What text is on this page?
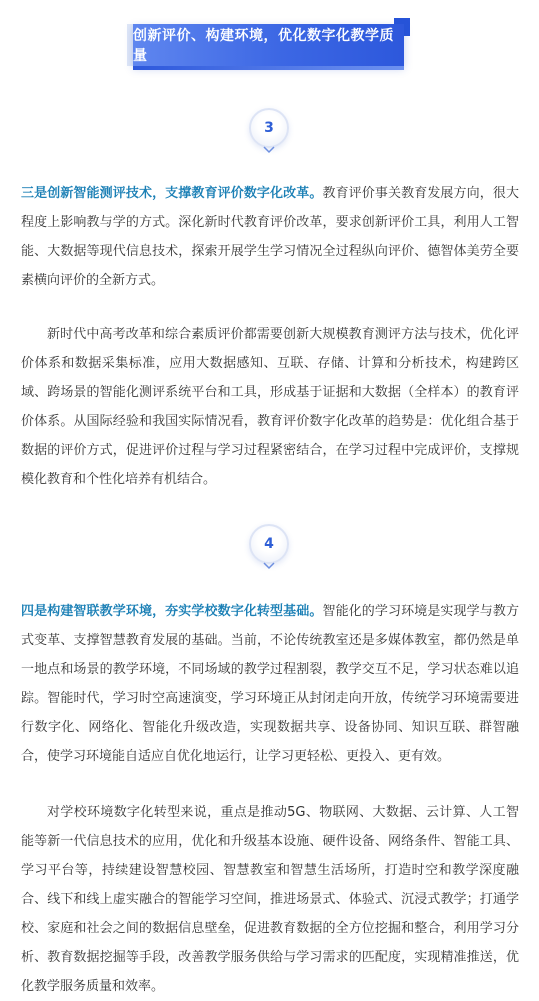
创新评价、构建环境，优化数字化教学质量
3

三是创新智能测评技术，支撑教育评价数字化改革。教育评价事关教育发展方向，很大程度上影响教与学的方式。深化新时代教育评价改革，要求创新评价工具，利用人工智能、大数据等现代信息技术，探索开展学生学习情况全过程纵向评价、德智体美劳全要素横向评价的全新方式。

新时代中高考改革和综合素质评价都需要创新大规模教育测评方法与技术，优化评价体系和数据采集标准，应用大数据感知、互联、存储、计算和分析技术，构建跨区域、跨场景的智能化测评系统平台和工具，形成基于证据和大数据（全样本）的教育评价体系。从国际经验和我国实际情况看，教育评价数字化改革的趋势是：优化组合基于数据的评价方式，促进评价过程与学习过程紧密结合，在学习过程中完成评价，支撑规模化教育和个性化培养有机结合。

4

四是构建智联教学环境，夯实学校数字化转型基础。智能化的学习环境是实现学与教方式变革、支撑智慧教育发展的基础。当前，不论传统教室还是多媒体教室，都仍然是单一地点和场景的教学环境，不同场域的教学过程割裂，教学交互不足，学习状态难以追踪。智能时代，学习时空高速演变，学习环境正从封闭走向开放，传统学习环境需要进行数字化、网络化、智能化升级改造，实现数据共享、设备协同、知识互联、群智融合，使学习环境能自适应自优化地运行，让学习更轻松、更投入、更有效。

对学校环境数字化转型来说，重点是推动5G、物联网、大数据、云计算、人工智能等新一代信息技术的应用，优化和升级基本设施、硬件设备、网络条件、智能工具、学习平台等，持续建设智慧校园、智慧教室和智慧生活场所，打造时空和教学深度融合、线下和线上虚实融合的智能学习空间，推进场景式、体验式、沉浸式教学；打通学校、家庭和社会之间的数据信息壁垒，促进教育数据的全方位挖掘和整合，利用学习分析、教育数据挖掘等手段，改善教学服务供给与学习需求的匹配度，实现精准推送，优化教学服务质量和效率。
